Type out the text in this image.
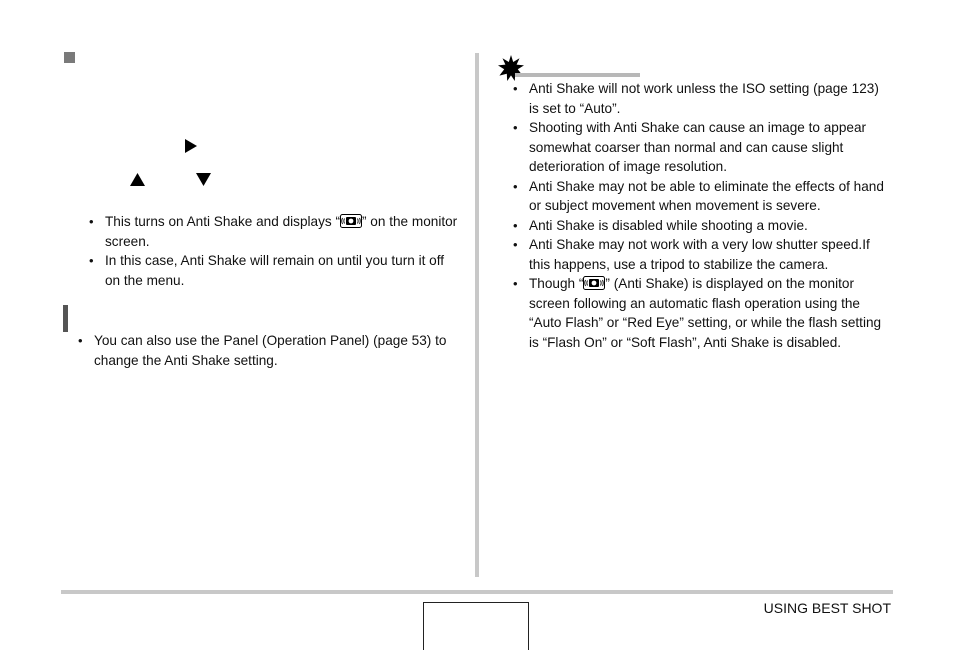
• This turns on Anti Shake and displays “ ” on the monitor screen.
• In this case, Anti Shake will remain on until you turn it off on the menu.
• You can also use the Panel (Operation Panel) (page 53) to change the Anti Shake setting.
• Anti Shake will not work unless the ISO setting (page 123) is set to “Auto”.
• Shooting with Anti Shake can cause an image to appear somewhat coarser than normal and can cause slight deterioration of image resolution.
• Anti Shake may not be able to eliminate the effects of hand or subject movement when movement is severe.
• Anti Shake is disabled while shooting a movie.
• Anti Shake may not work with a very low shutter speed.If this happens, use a tripod to stabilize the camera.
• Though “ ” (Anti Shake) is displayed on the monitor screen following an automatic flash operation using the “Auto Flash” or “Red Eye” setting, or while the flash setting is “Flash On” or “Soft Flash”, Anti Shake is disabled.
USING BEST SHOT
